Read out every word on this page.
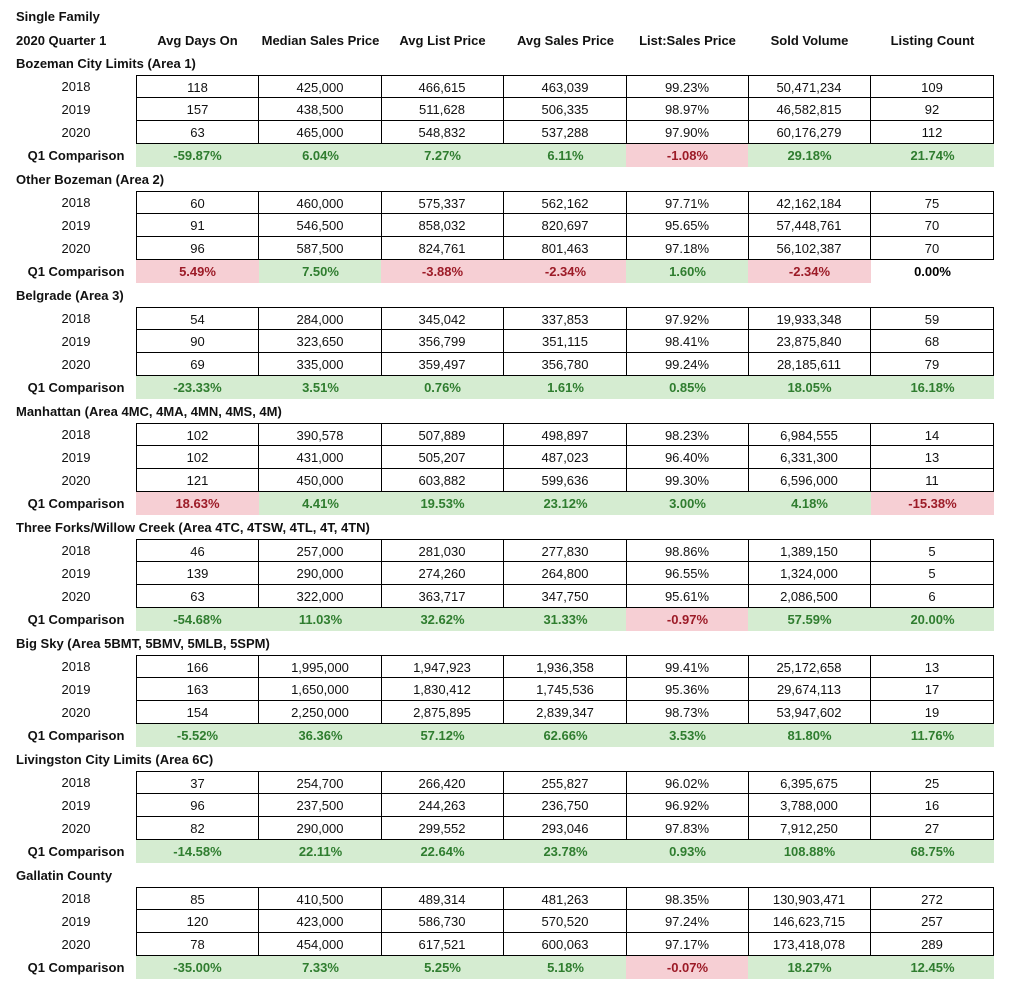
Single Family
2020 Quarter 1	Avg Days On	Median Sales Price	Avg List Price	Avg Sales Price	List:Sales Price	Sold Volume	Listing Count
Bozeman City Limits (Area 1)
2018	118	425,000	466,615	463,039	99.23%	50,471,234	109
2019	157	438,500	511,628	506,335	98.97%	46,582,815	92
2020	63	465,000	548,832	537,288	97.90%	60,176,279	112
Q1 Comparison	-59.87%	6.04%	7.27%	6.11%	-1.08%	29.18%	21.74%
Other Bozeman (Area 2)
2018	60	460,000	575,337	562,162	97.71%	42,162,184	75
2019	91	546,500	858,032	820,697	95.65%	57,448,761	70
2020	96	587,500	824,761	801,463	97.18%	56,102,387	70
Q1 Comparison	5.49%	7.50%	-3.88%	-2.34%	1.60%	-2.34%	0.00%
Belgrade (Area 3)
2018	54	284,000	345,042	337,853	97.92%	19,933,348	59
2019	90	323,650	356,799	351,115	98.41%	23,875,840	68
2020	69	335,000	359,497	356,780	99.24%	28,185,611	79
Q1 Comparison	-23.33%	3.51%	0.76%	1.61%	0.85%	18.05%	16.18%
Manhattan (Area 4MC, 4MA, 4MN, 4MS, 4M)
2018	102	390,578	507,889	498,897	98.23%	6,984,555	14
2019	102	431,000	505,207	487,023	96.40%	6,331,300	13
2020	121	450,000	603,882	599,636	99.30%	6,596,000	11
Q1 Comparison	18.63%	4.41%	19.53%	23.12%	3.00%	4.18%	-15.38%
Three Forks/Willow Creek (Area 4TC, 4TSW, 4TL, 4T, 4TN)
2018	46	257,000	281,030	277,830	98.86%	1,389,150	5
2019	139	290,000	274,260	264,800	96.55%	1,324,000	5
2020	63	322,000	363,717	347,750	95.61%	2,086,500	6
Q1 Comparison	-54.68%	11.03%	32.62%	31.33%	-0.97%	57.59%	20.00%
Big Sky (Area 5BMT, 5BMV, 5MLB, 5SPM)
2018	166	1,995,000	1,947,923	1,936,358	99.41%	25,172,658	13
2019	163	1,650,000	1,830,412	1,745,536	95.36%	29,674,113	17
2020	154	2,250,000	2,875,895	2,839,347	98.73%	53,947,602	19
Q1 Comparison	-5.52%	36.36%	57.12%	62.66%	3.53%	81.80%	11.76%
Livingston City Limits (Area 6C)
2018	37	254,700	266,420	255,827	96.02%	6,395,675	25
2019	96	237,500	244,263	236,750	96.92%	3,788,000	16
2020	82	290,000	299,552	293,046	97.83%	7,912,250	27
Q1 Comparison	-14.58%	22.11%	22.64%	23.78%	0.93%	108.88%	68.75%
Gallatin County
2018	85	410,500	489,314	481,263	98.35%	130,903,471	272
2019	120	423,000	586,730	570,520	97.24%	146,623,715	257
2020	78	454,000	617,521	600,063	97.17%	173,418,078	289
Q1 Comparison	-35.00%	7.33%	5.25%	5.18%	-0.07%	18.27%	12.45%
